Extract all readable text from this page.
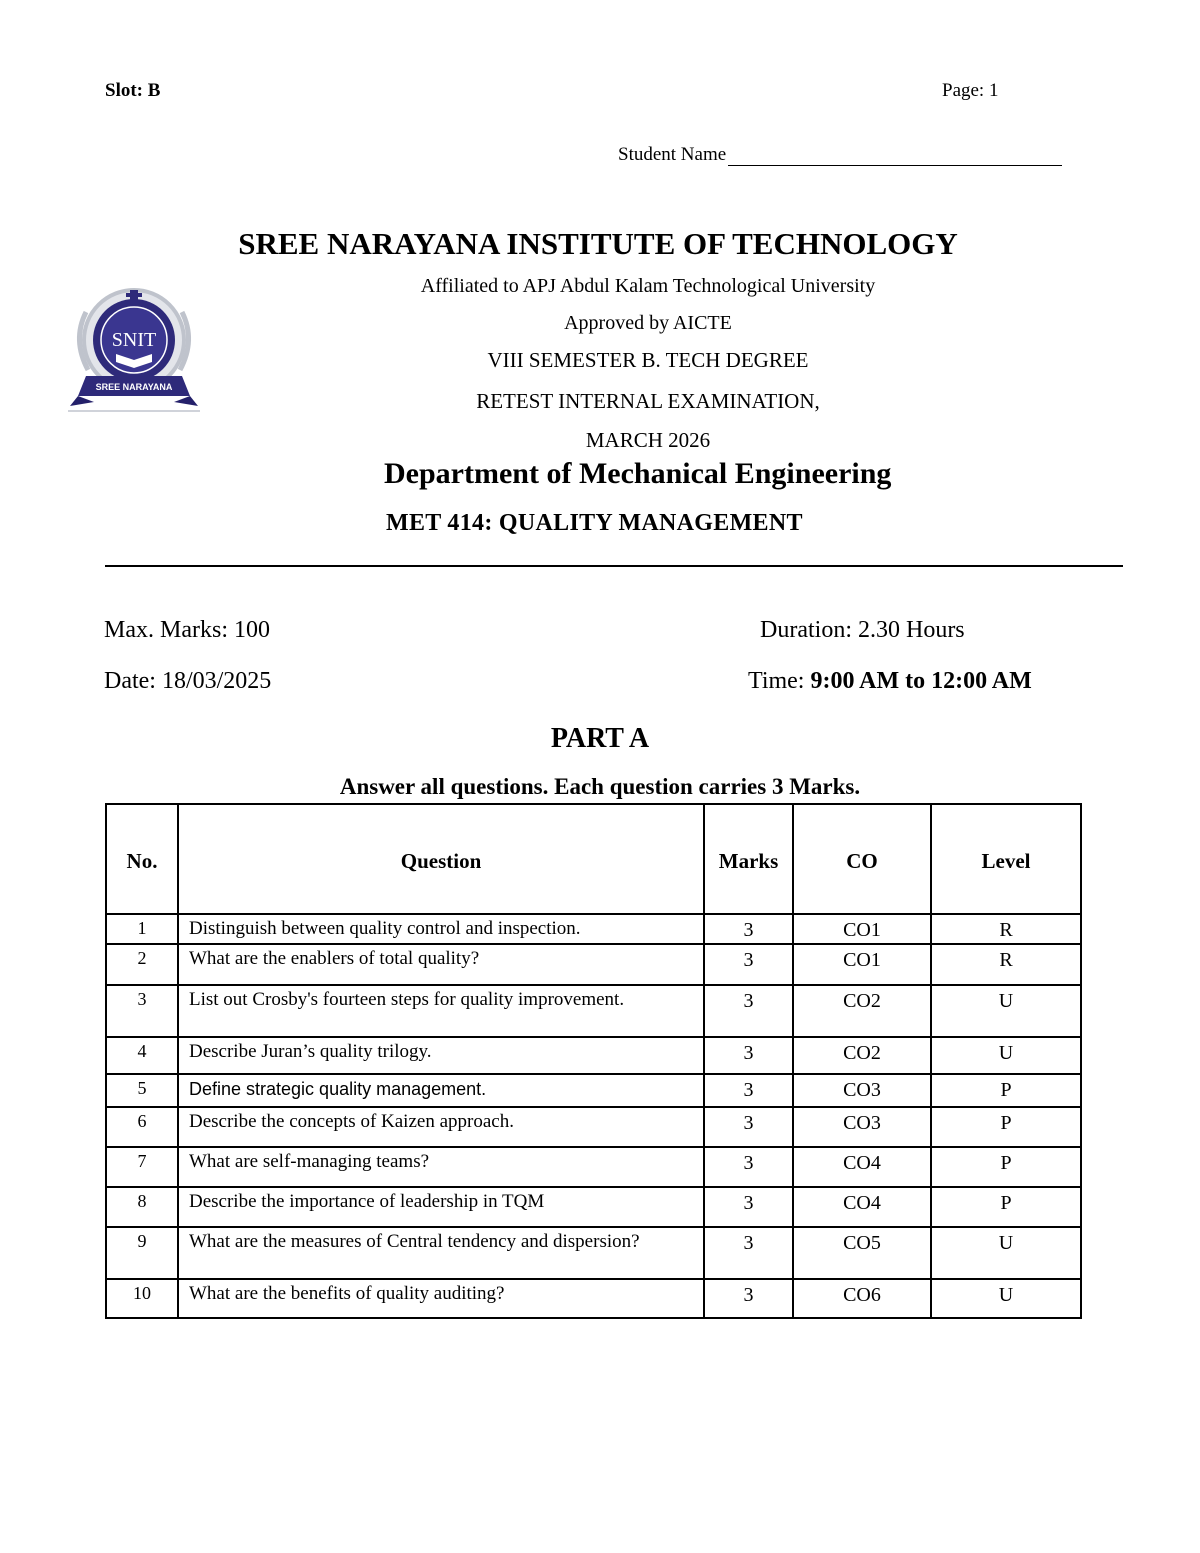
Slot: B	Page: 1
Student Name
SNIT
SREE NARAYANA
SREE NARAYANA INSTITUTE OF TECHNOLOGY
Affiliated to APJ Abdul Kalam Technological University
Approved by AICTE
VIII SEMESTER B. TECH DEGREE
RETEST INTERNAL EXAMINATION,
MARCH 2026
Department of Mechanical Engineering
MET 414: QUALITY MANAGEMENT
Max. Marks: 100	Duration: 2.30 Hours
Date: 18/03/2025	Time: 9:00 AM to 12:00 AM
PART A
Answer all questions. Each question carries 3 Marks.
No.	Question	Marks	CO	Level
1	Distinguish between quality control and inspection.	3	CO1	R
2	What are the enablers of total quality?	3	CO1	R
3	List out Crosby's fourteen steps for quality improvement.	3	CO2	U
4	Describe Juran’s quality trilogy.	3	CO2	U
5	Define strategic quality management.	3	CO3	P
6	Describe the concepts of Kaizen approach.	3	CO3	P
7	What are self-managing teams?	3	CO4	P
8	Describe the importance of leadership in TQM	3	CO4	P
9	What are the measures of Central tendency and dispersion?	3	CO5	U
10	What are the benefits of quality auditing?	3	CO6	U
